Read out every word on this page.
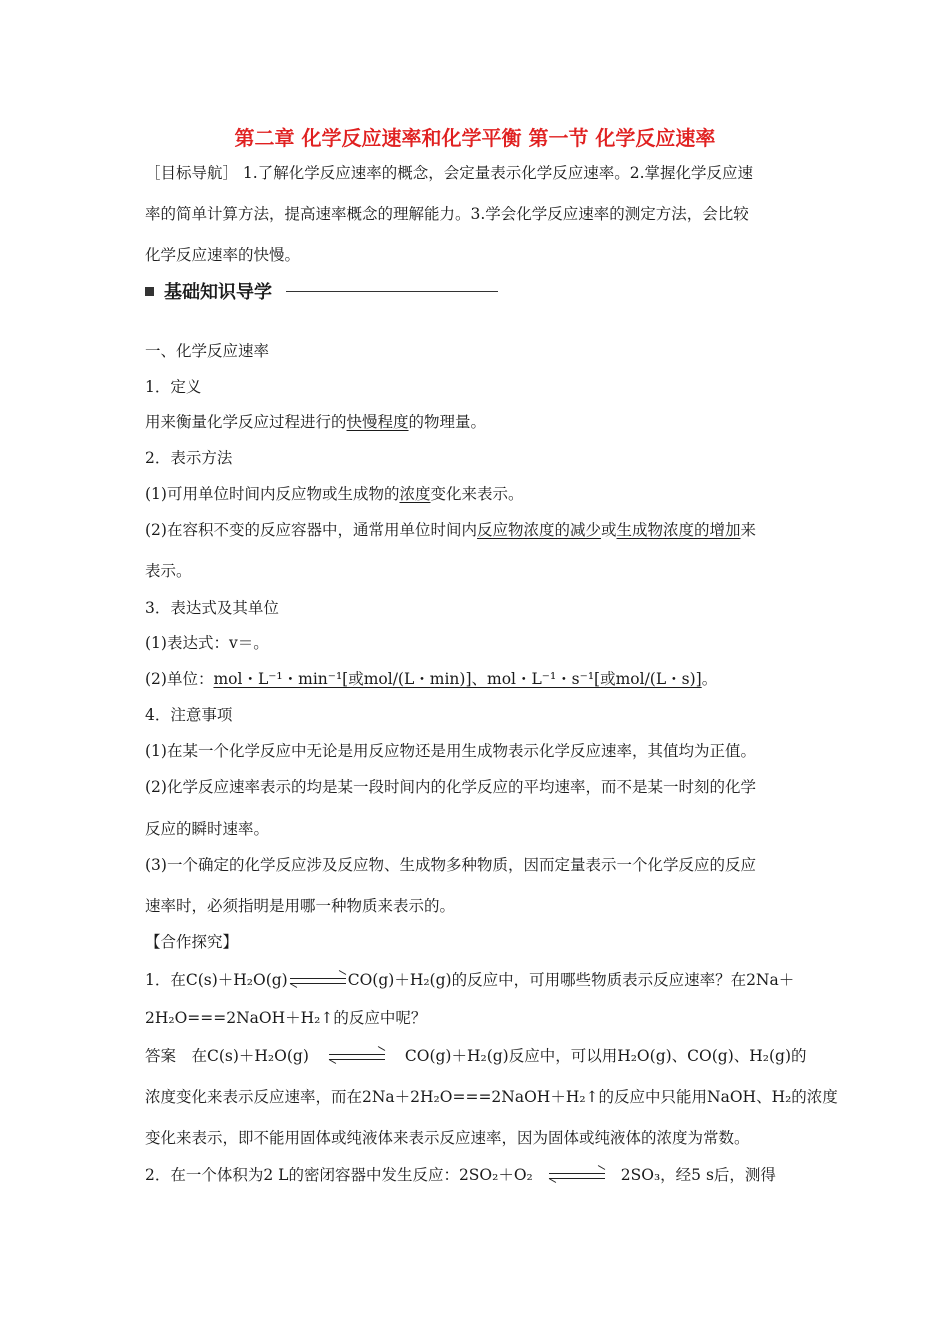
第二章 化学反应速率和化学平衡 第一节 化学反应速率
［目标导航］ 1.了解化学反应速率的概念，会定量表示化学反应速率。2.掌握化学反应速
率的简单计算方法，提高速率概念的理解能力。3.学会化学反应速率的测定方法，会比较
化学反应速率的快慢。
基础知识导学
一、化学反应速率
1．定义
用来衡量化学反应过程进行的快慢程度的物理量。
2．表示方法
(1)可用单位时间内反应物或生成物的浓度变化来表示。
(2)在容积不变的反应容器中，通常用单位时间内反应物浓度的减少或生成物浓度的增加来
表示。
3．表达式及其单位
(1)表达式：v＝。
(2)单位：mol・L⁻¹・min⁻¹[或mol/(L・min)]、mol・L⁻¹・s⁻¹[或mol/(L・s)]。
4．注意事项
(1)在某一个化学反应中无论是用反应物还是用生成物表示化学反应速率，其值均为正值。
(2)化学反应速率表示的均是某一段时间内的化学反应的平均速率，而不是某一时刻的化学
反应的瞬时速率。
(3)一个确定的化学反应涉及反应物、生成物多种物质，因而定量表示一个化学反应的反应
速率时，必须指明是用哪一种物质来表示的。
【合作探究】
1．在C(s)＋H₂O(g)	CO(g)＋H₂(g)的反应中，可用哪些物质表示反应速率？在2Na＋
2H₂O===2NaOH＋H₂↑的反应中呢？
答案　在C(s)＋H₂O(g)	CO(g)＋H₂(g)反应中，可以用H₂O(g)、CO(g)、H₂(g)的
浓度变化来表示反应速率，而在2Na＋2H₂O===2NaOH＋H₂↑的反应中只能用NaOH、H₂的浓度
变化来表示，即不能用固体或纯液体来表示反应速率，因为固体或纯液体的浓度为常数。
2．在一个体积为2 L的密闭容器中发生反应：2SO₂＋O₂	2SO₃，经5 s后，测得
